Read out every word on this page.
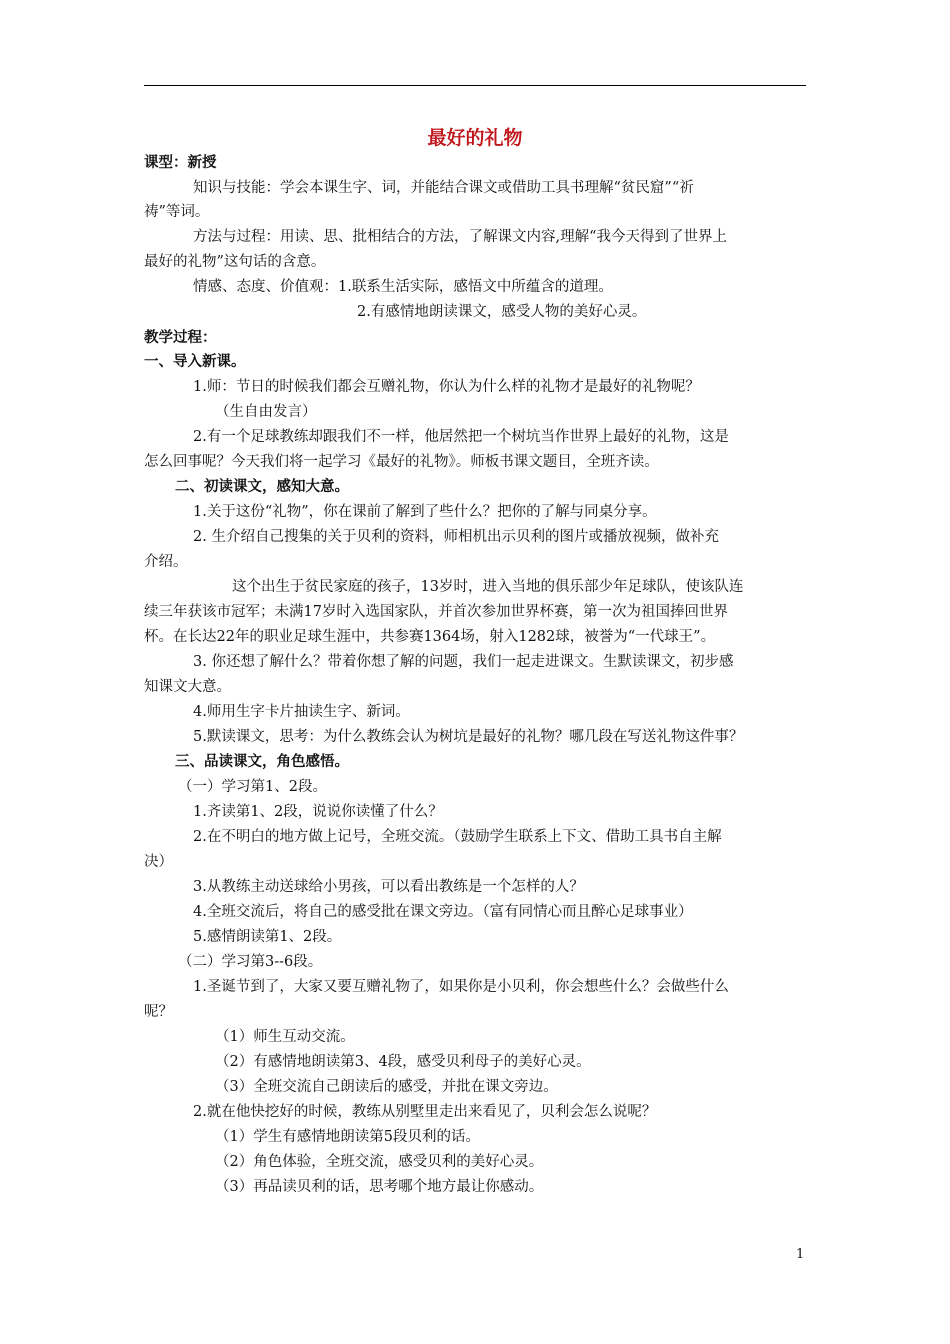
最好的礼物
课型：新授
知识与技能：学会本课生字、词，并能结合课文或借助工具书理解“贫民窟”“祈
祷”等词。
方法与过程：用读、思、批相结合的方法，了解课文内容,理解“我今天得到了世界上
最好的礼物”这句话的含意。
情感、态度、价值观：1.联系生活实际，感悟文中所蕴含的道理。
2.有感情地朗读课文，感受人物的美好心灵。
教学过程：
一、导入新课。
1.师：节日的时候我们都会互赠礼物，你认为什么样的礼物才是最好的礼物呢？
（生自由发言）
2.有一个足球教练却跟我们不一样，他居然把一个树坑当作世界上最好的礼物，这是
怎么回事呢？今天我们将一起学习《最好的礼物》。师板书课文题目，全班齐读。
二、初读课文，感知大意。
1.关于这份“礼物”，你在课前了解到了些什么？把你的了解与同桌分享。
2. 生介绍自己搜集的关于贝利的资料，师相机出示贝利的图片或播放视频，做补充
介绍。
这个出生于贫民家庭的孩子，13岁时，进入当地的俱乐部少年足球队，使该队连
续三年获该市冠军；未满17岁时入选国家队，并首次参加世界杯赛，第一次为祖国捧回世界
杯。在长达22年的职业足球生涯中，共参赛1364场，射入1282球，被誉为“一代球王”。
3. 你还想了解什么？带着你想了解的问题，我们一起走进课文。生默读课文，初步感
知课文大意。
4.师用生字卡片抽读生字、新词。
5.默读课文，思考：为什么教练会认为树坑是最好的礼物？哪几段在写送礼物这件事？
三、品读课文，角色感悟。
（一）学习第1、2段。
1.齐读第1、2段，说说你读懂了什么？
2.在不明白的地方做上记号，全班交流。（鼓励学生联系上下文、借助工具书自主解
决）
3.从教练主动送球给小男孩，可以看出教练是一个怎样的人？
4.全班交流后，将自己的感受批在课文旁边。（富有同情心而且醉心足球事业）
5.感情朗读第1、2段。
（二）学习第3--6段。
1.圣诞节到了，大家又要互赠礼物了，如果你是小贝利，你会想些什么？会做些什么
呢？
（1）师生互动交流。
（2）有感情地朗读第3、4段，感受贝利母子的美好心灵。
（3）全班交流自己朗读后的感受，并批在课文旁边。
2.就在他快挖好的时候，教练从别墅里走出来看见了，贝利会怎么说呢？
（1）学生有感情地朗读第5段贝利的话。
（2）角色体验，全班交流，感受贝利的美好心灵。
（3）再品读贝利的话，思考哪个地方最让你感动。
1
